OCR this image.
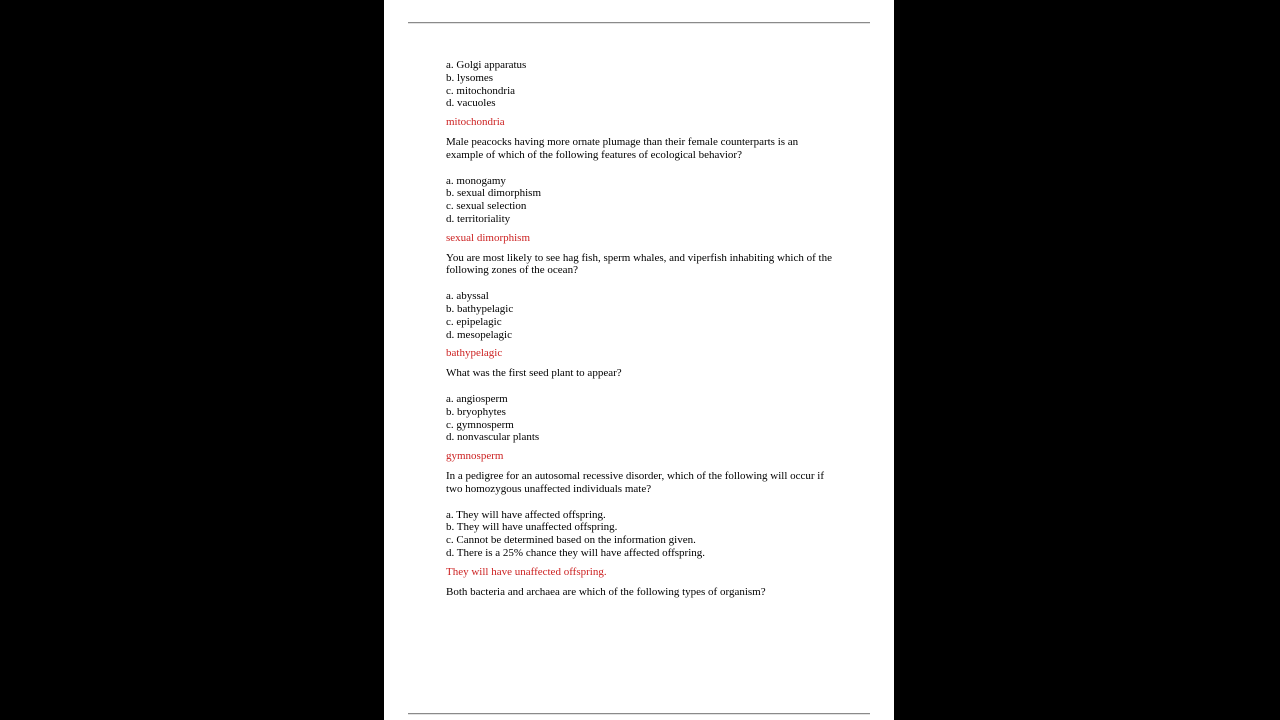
a. Golgi apparatus
b. lysomes
c. mitochondria
d. vacuoles

mitochondria

Male peacocks having more ornate plumage than their female counterparts is an example of which of the following features of ecological behavior?

a. monogamy
b. sexual dimorphism
c. sexual selection
d. territoriality

sexual dimorphism

You are most likely to see hag fish, sperm whales, and viperfish inhabiting which of the following zones of the ocean?

a. abyssal
b. bathypelagic
c. epipelagic
d. mesopelagic

bathypelagic

What was the first seed plant to appear?

a. angiosperm
b. bryophytes
c. gymnosperm
d. nonvascular plants

gymnosperm

In a pedigree for an autosomal recessive disorder, which of the following will occur if two homozygous unaffected individuals mate?

a. They will have affected offspring.
b. They will have unaffected offspring.
c. Cannot be determined based on the information given.
d. There is a 25% chance they will have affected offspring.

They will have unaffected offspring.

Both bacteria and archaea are which of the following types of organism?
